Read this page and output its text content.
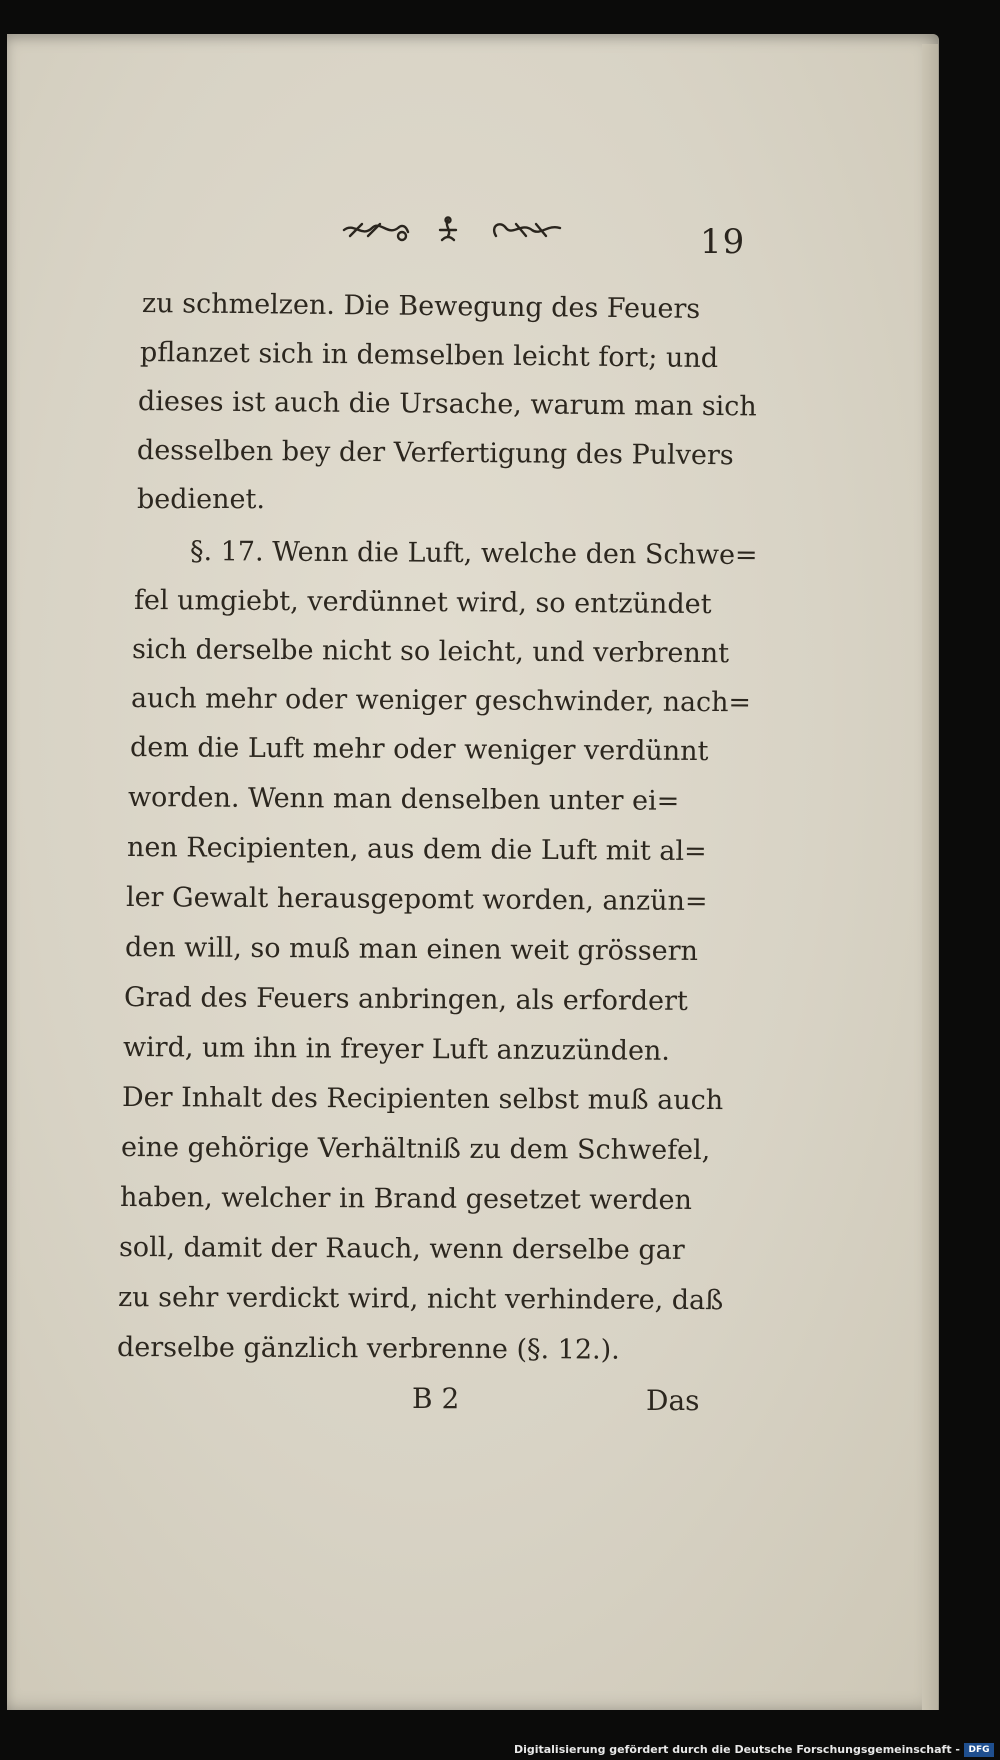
19
zu schmelzen. Die Bewegung des Feuers
pflanzet sich in demselben leicht fort; und
dieses ist auch die Ursache, warum man sich
desselben bey der Verfertigung des Pulvers
bedienet.
§. 17. Wenn die Luft, welche den Schwe=
fel umgiebt, verdünnet wird, so entzündet
sich derselbe nicht so leicht, und verbrennt
auch mehr oder weniger geschwinder, nach=
dem die Luft mehr oder weniger verdünnt
worden. Wenn man denselben unter ei=
nen Recipienten, aus dem die Luft mit al=
ler Gewalt herausgepomt worden, anzün=
den will, so muß man einen weit grössern
Grad des Feuers anbringen, als erfordert
wird, um ihn in freyer Luft anzuzünden.
Der Inhalt des Recipienten selbst muß auch
eine gehörige Verhältniß zu dem Schwefel,
haben, welcher in Brand gesetzet werden
soll, damit der Rauch, wenn derselbe gar
zu sehr verdickt wird, nicht verhindere, daß
derselbe gänzlich verbrenne (§. 12.).
B 2	Das
Digitalisierung gefördert durch die Deutsche Forschungsgemeinschaft - DFG
